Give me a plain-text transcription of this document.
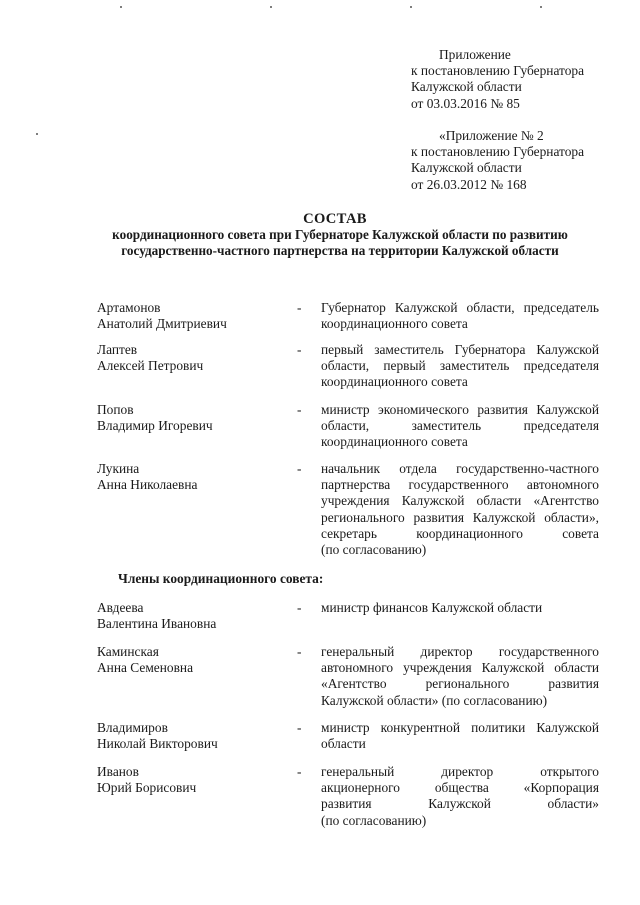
Приложение
к постановлению Губернатора
Калужской области
от 03.03.2016 № 85
«Приложение № 2
к постановлению Губернатора
Калужской области
от 26.03.2012 № 168
СОСТАВ
координационного совета при Губернаторе Калужской области по развитию
государственно-частного партнерства на территории Калужской области
Артамонов
Анатолий Дмитриевич
- Губернатор Калужской области, председатель
координационного совета
Лаптев
Алексей Петрович
- первый заместитель Губернатора Калужской
области, первый заместитель председателя
координационного совета
Попов
Владимир Игоревич
- министр экономического развития Калужской
области, заместитель председателя
координационного совета
Лукина
Анна Николаевна
- начальник отдела государственно-частного
партнерства государственного автономного
учреждения Калужской области «Агентство
регионального развития Калужской области»,
секретарь координационного совета
(по согласованию)
Члены координационного совета:
Авдеева
Валентина Ивановна
- министр финансов Калужской области
Каминская
Анна Семеновна
- генеральный директор государственного
автономного учреждения Калужской области
«Агентство регионального развития
Калужской области» (по согласованию)
Владимиров
Николай Викторович
- министр конкурентной политики Калужской
области
Иванов
Юрий Борисович
- генеральный директор открытого
акционерного общества «Корпорация
развития Калужской области»
(по согласованию)
